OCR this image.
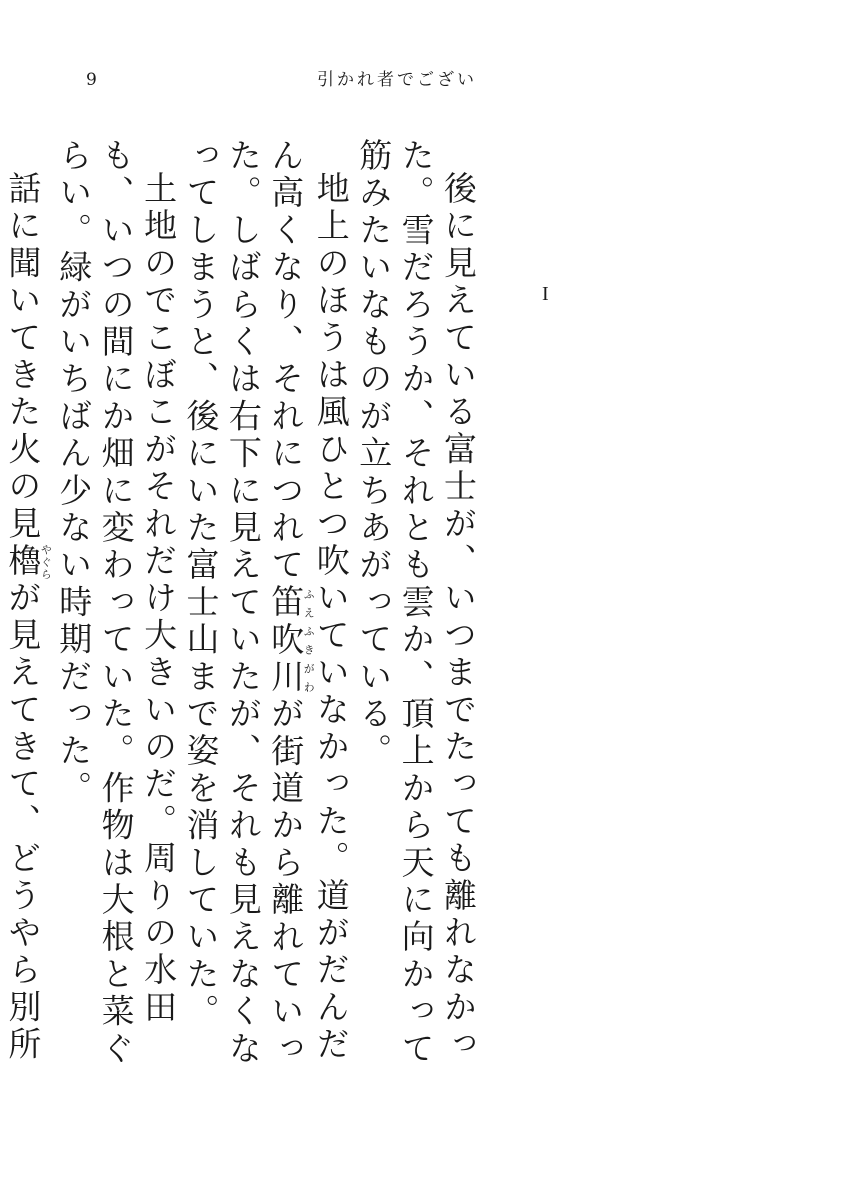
9	引かれ者でござい
I

後に見えている富士が、いつまでたっても離れなかった。雪だろうか、それとも雲か、頂上から天に向かって筋みたいなものが立ちあがっている。

地上のほうは風ひとつ吹いていなかった。道がだんだん高くなり、それにつれて笛ふえ吹川ふきがわが街道から離れていった。しばらくは右下に見えていたが、それも見えなくなってしまうと、後にいた富士山まで姿を消していた。

土地のでこぼこがそれだけ大きいのだ。周りの水田も、いつの間にか畑に変わっていた。作物は大根と菜ぐらい。緑がいちばん少ない時期だった。

話に聞いてきた火の見櫓やぐらが見えてきて、どうやら別所
